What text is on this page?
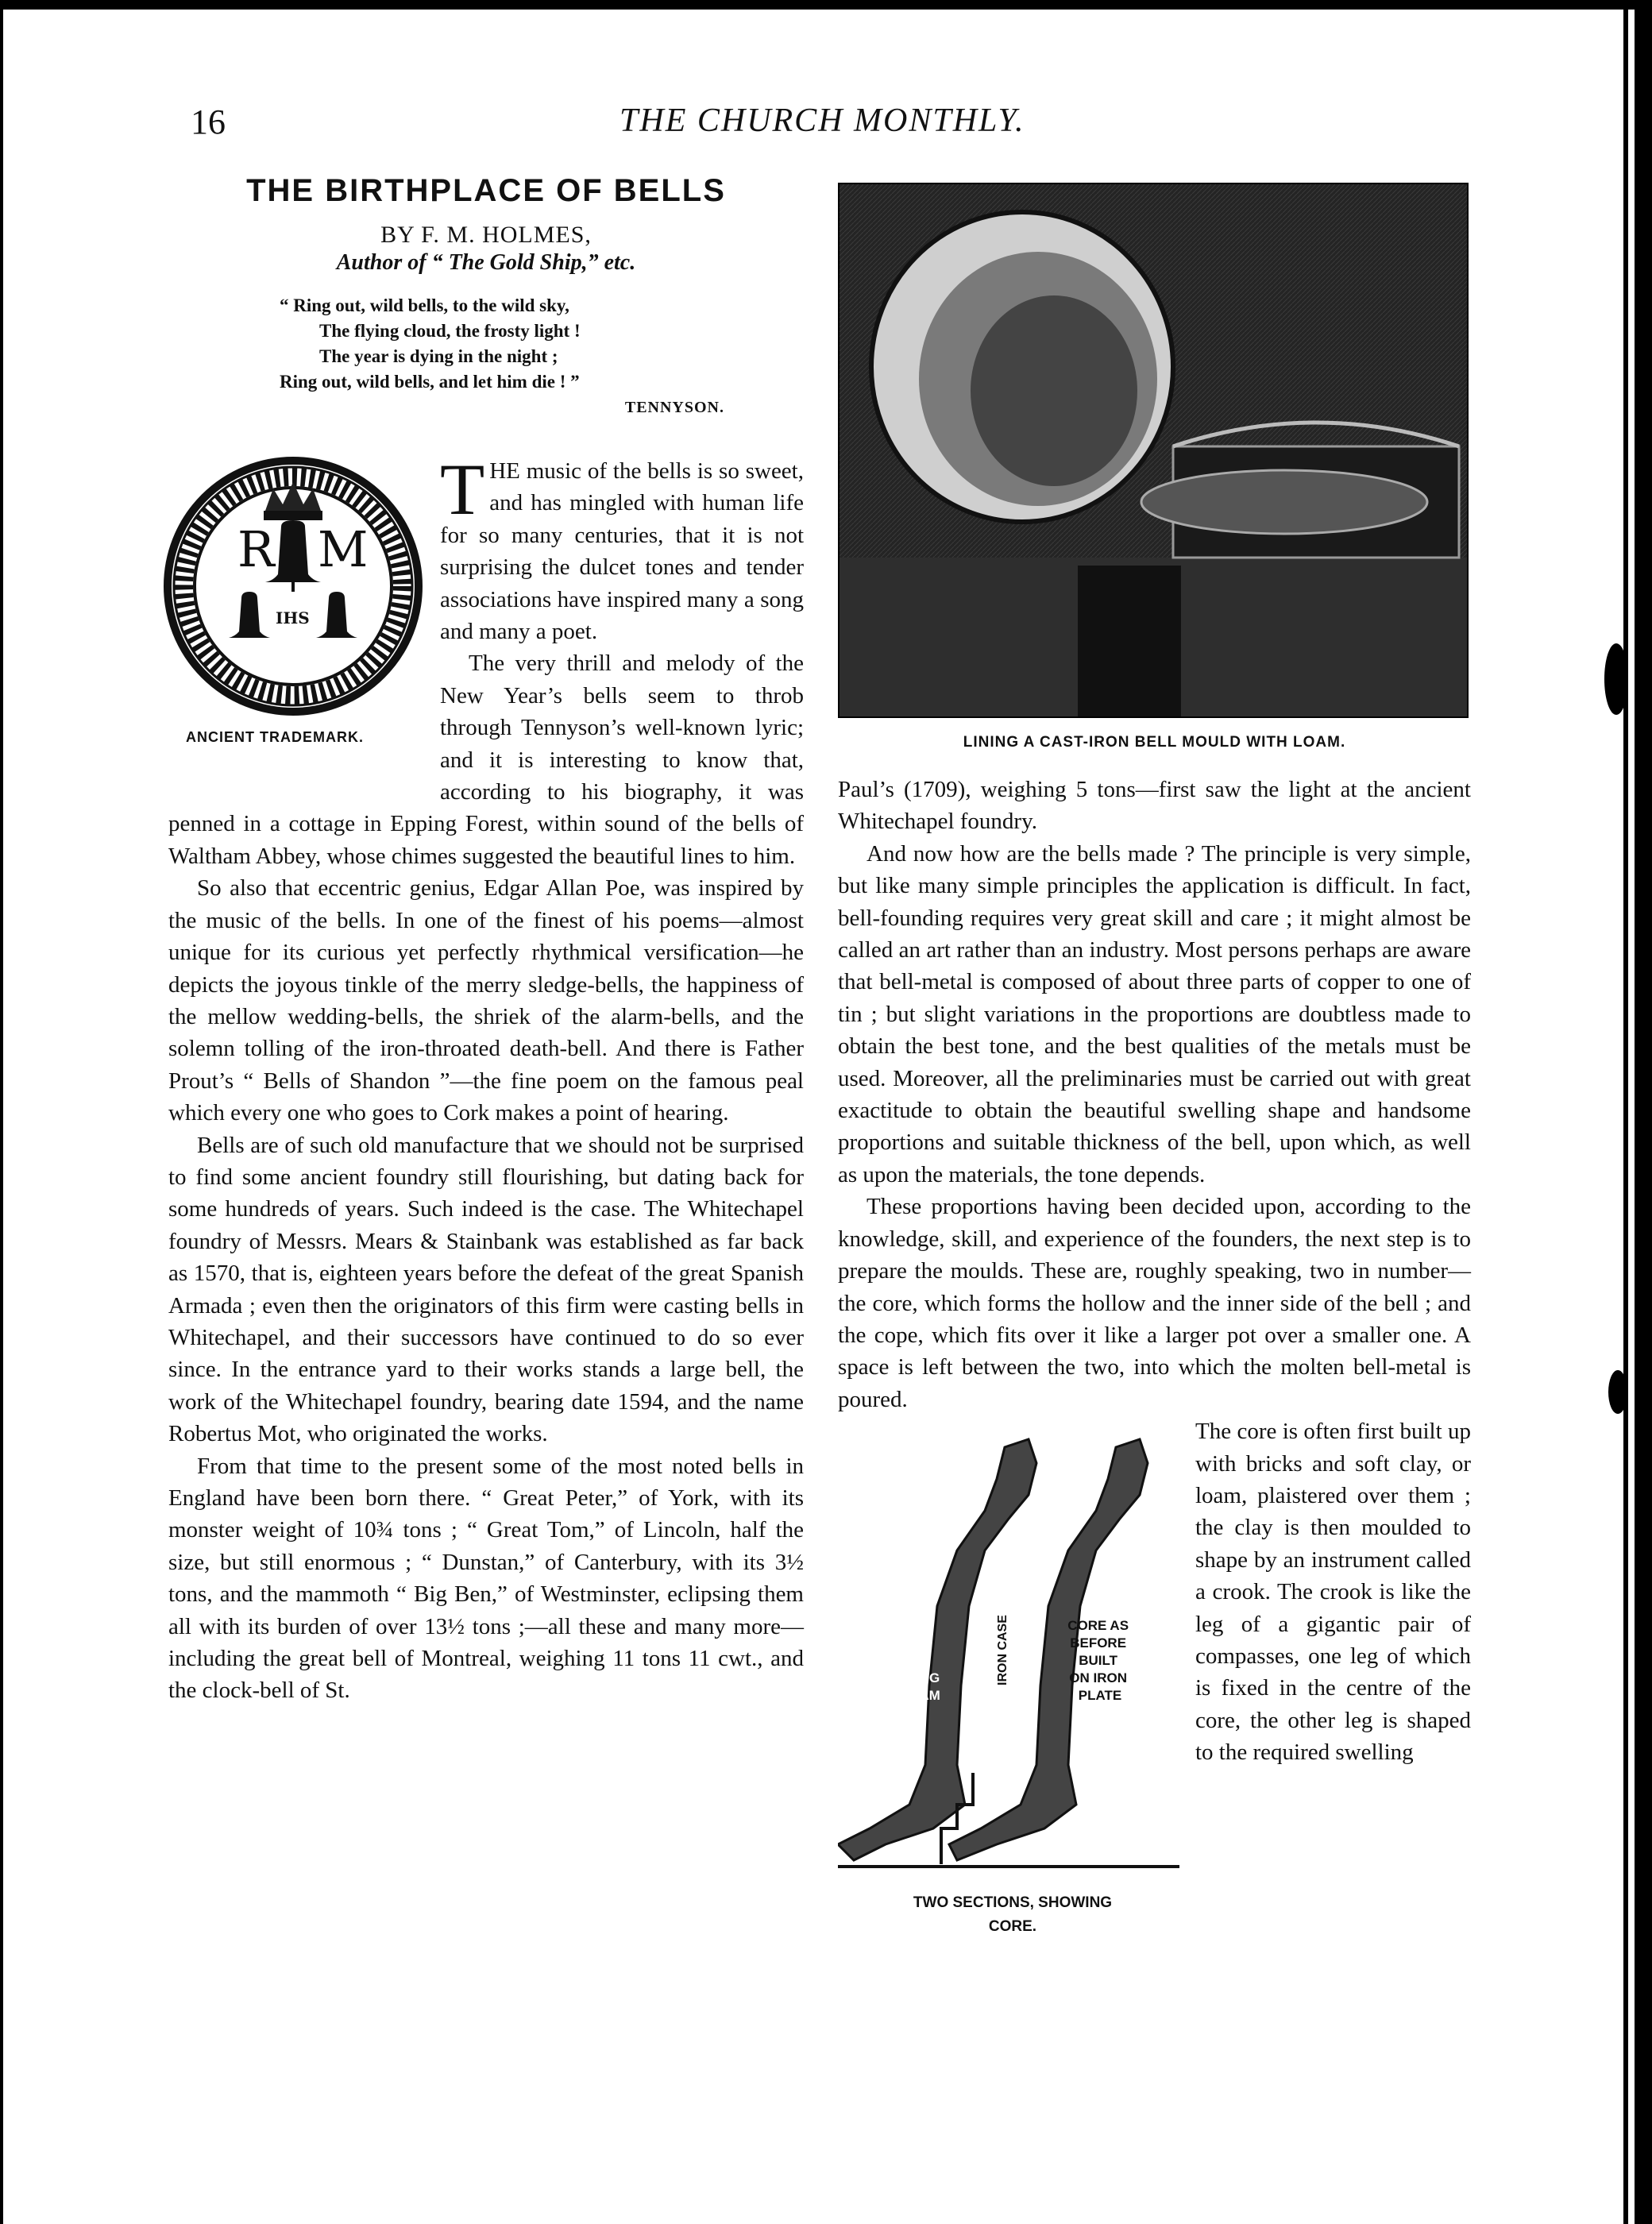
16	THE CHURCH MONTHLY.
THE BIRTHPLACE OF BELLS
BY F. M. HOLMES,
Author of “ The Gold Ship,” etc.
“ Ring out, wild bells, to the wild sky,
The flying cloud, the frosty light !
The year is dying in the night ;
Ring out, wild bells, and let him die ! ”
TENNYSON.
R M
IHS
ANCIENT TRADEMARK.
T HE music of the bells is so sweet, and has mingled with human life for so many centuries, that it is not surprising the dulcet tones and tender associations have inspired many a song and many a poet.

The very thrill and melody of the New Year’s bells seem to throb through Tennyson’s well-known lyric; and it is interesting to know that, according to his biography, it was penned in a cottage in Epping Forest, within sound of the bells of Waltham Abbey, whose chimes suggested the beautiful lines to him.

So also that eccentric genius, Edgar Allan Poe, was inspired by the music of the bells. In one of the finest of his poems—almost unique for its curious yet perfectly rhythmical versification—he depicts the joyous tinkle of the merry sledge-bells, the happiness of the mellow wedding-bells, the shriek of the alarm-bells, and the solemn tolling of the iron-throated death-bell. And there is Father Prout’s “ Bells of Shandon ”—the fine poem on the famous peal which every one who goes to Cork makes a point of hearing.

Bells are of such old manufacture that we should not be surprised to find some ancient foundry still flourishing, but dating back for some hundreds of years. Such indeed is the case. The Whitechapel foundry of Messrs. Mears & Stainbank was established as far back as 1570, that is, eighteen years before the defeat of the great Spanish Armada ; even then the originators of this firm were casting bells in Whitechapel, and their successors have continued to do so ever since. In the entrance yard to their works stands a large bell, the work of the Whitechapel foundry, bearing date 1594, and the name Robertus Mot, who originated the works.

From that time to the present some of the most noted bells in England have been born there. “ Great Peter,” of York, with its monster weight of 10¾ tons ; “ Great Tom,” of Lincoln, half the size, but still enormous ; “ Dunstan,” of Canterbury, with its 3½ tons, and the mammoth “ Big Ben,” of Westminster, eclipsing them all with its burden of over 13½ tons ;—all these and many more—including the great bell of Montreal, weighing 11 tons 11 cwt., and the clock-bell of St.

LINING A CAST-IRON BELL MOULD WITH LOAM.

Paul’s (1709), weighing 5 tons—first saw the light at the ancient Whitechapel foundry.

And now how are the bells made ? The principle is very simple, but like many simple principles the application is difficult. In fact, bell-founding requires very great skill and care ; it might almost be called an art rather than an industry. Most persons perhaps are aware that bell-metal is composed of about three parts of copper to one of tin ; but slight variations in the proportions are doubtless made to obtain the best tone, and the best qualities of the metals must be used. Moreover, all the preliminaries must be carried out with great exactitude to obtain the beautiful swelling shape and handsome proportions and suitable thickness of the bell, upon which, as well as upon the materials, the tone depends.

These proportions having been decided upon, according to the knowledge, skill, and experience of the founders, the next step is to prepare the moulds. These are, roughly speaking, two in number—the core, which forms the hollow and the inner side of the bell ; and the cope, which fits over it like a larger pot over a smaller one. A space is left between the two, into which the molten bell-metal is poured.

BRICK CORE WITH COATING OF LOAM ON
IRON CASE	CORE AS BEFORE BUILT ON IRON PLATE
TWO SECTIONS, SHOWING
CORE.

The core is often first built up with bricks and soft clay, or loam, plaistered over them ; the clay is then moulded to shape by an instrument called a crook. The crook is like the leg of a gigantic pair of compasses, one leg of which is fixed in the centre of the core, the other leg is shaped to the required swelling
